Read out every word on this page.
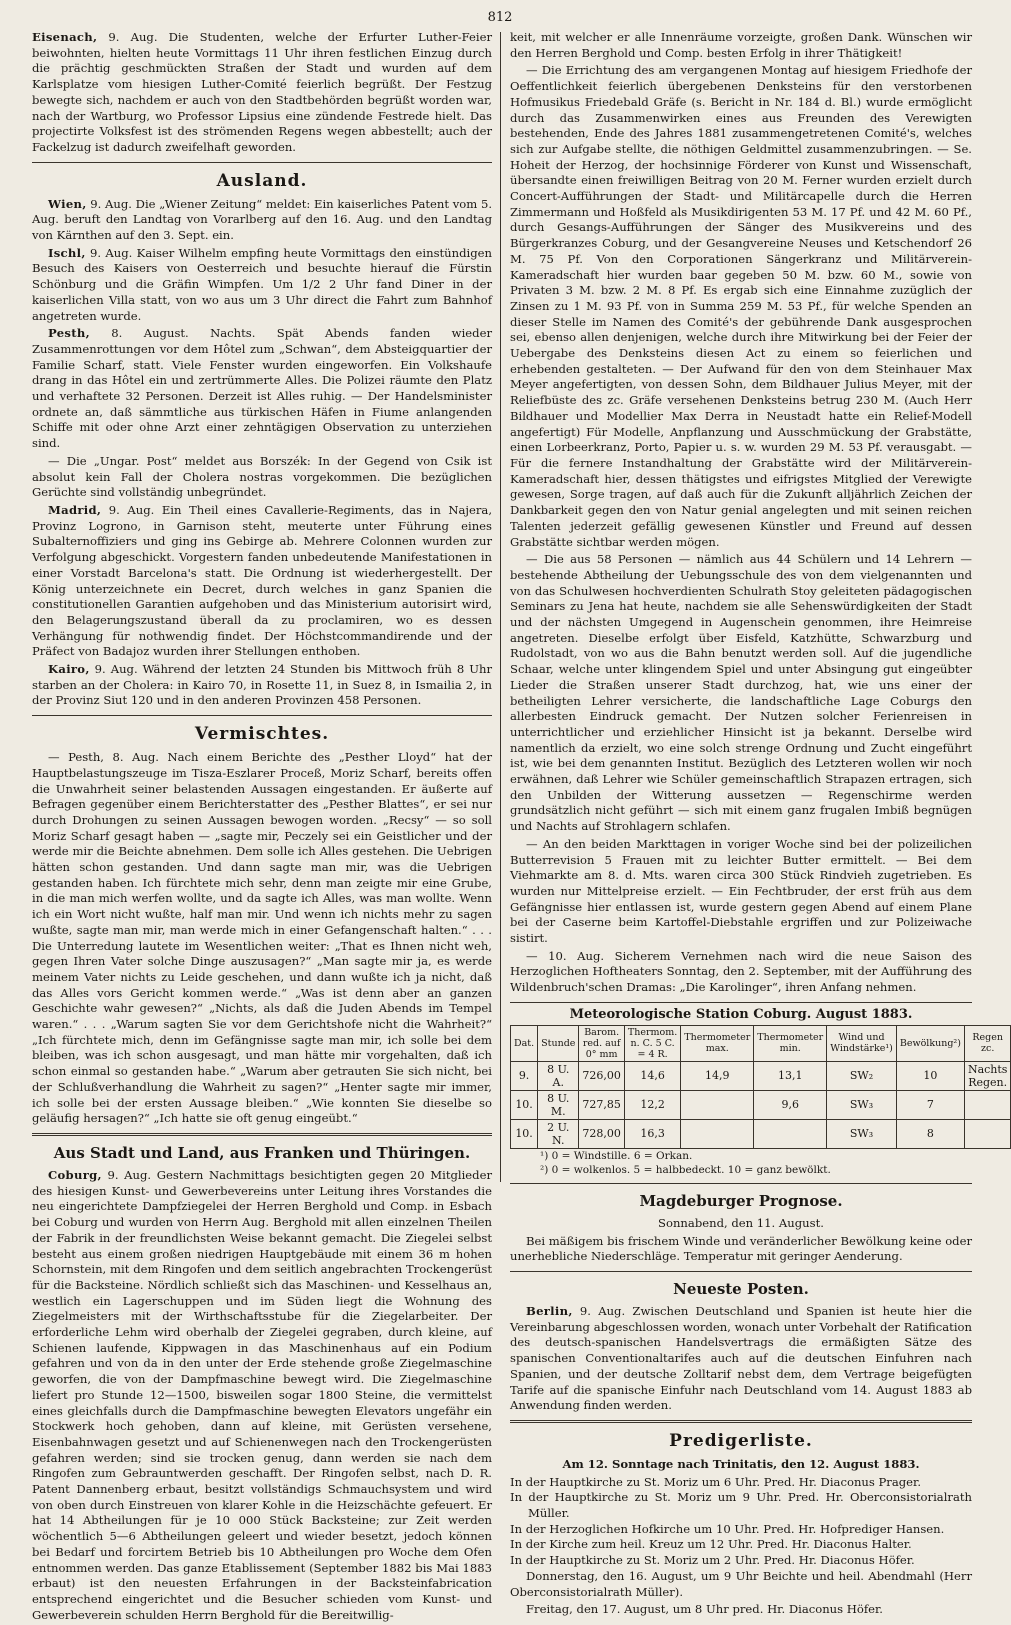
812

Eisenach, 9. Aug. Die Studenten, welche der Erfurter Luther-Feier beiwohnten, hielten heute Vormittags 11 Uhr ihren festlichen Einzug durch die prächtig geschmückten Straßen der Stadt und wurden auf dem Karlsplatze vom hiesigen Luther-Comité feierlich begrüßt. Der Festzug bewegte sich, nachdem er auch von den Stadtbehörden begrüßt worden war, nach der Wartburg, wo Professor Lipsius eine zündende Festrede hielt. Das projectirte Volksfest ist des strömenden Regens wegen abbestellt; auch der Fackelzug ist dadurch zweifelhaft geworden.

Ausland.

Wien, 9. Aug. Die „Wiener Zeitung“ meldet: Ein kaiserliches Patent vom 5. Aug. beruft den Landtag von Vorarlberg auf den 16. Aug. und den Landtag von Kärnthen auf den 3. Sept. ein.

Ischl, 9. Aug. Kaiser Wilhelm empfing heute Vormittags den einstündigen Besuch des Kaisers von Oesterreich und besuchte hierauf die Fürstin Schönburg und die Gräfin Wimpfen. Um 1/2 2 Uhr fand Diner in der kaiserlichen Villa statt, von wo aus um 3 Uhr direct die Fahrt zum Bahnhof angetreten wurde.

Pesth, 8. August. Nachts. Spät Abends fanden wieder Zusammenrottungen vor dem Hôtel zum „Schwan“, dem Absteigquartier der Familie Scharf, statt. Viele Fenster wurden eingeworfen. Ein Volkshaufe drang in das Hôtel ein und zertrümmerte Alles. Die Polizei räumte den Platz und verhaftete 32 Personen. Derzeit ist Alles ruhig. — Der Handelsminister ordnete an, daß sämmtliche aus türkischen Häfen in Fiume anlangenden Schiffe mit oder ohne Arzt einer zehntägigen Observation zu unterziehen sind.

— Die „Ungar. Post“ meldet aus Borszék: In der Gegend von Csik ist absolut kein Fall der Cholera nostras vorgekommen. Die bezüglichen Gerüchte sind vollständig unbegründet.

Madrid, 9. Aug. Ein Theil eines Cavallerie-Regiments, das in Najera, Provinz Logrono, in Garnison steht, meuterte unter Führung eines Subalternoffiziers und ging ins Gebirge ab. Mehrere Colonnen wurden zur Verfolgung abgeschickt. Vorgestern fanden unbedeutende Manifestationen in einer Vorstadt Barcelona's statt. Die Ordnung ist wiederhergestellt. Der König unterzeichnete ein Decret, durch welches in ganz Spanien die constitutionellen Garantien aufgehoben und das Ministerium autorisirt wird, den Belagerungszustand überall da zu proclamiren, wo es dessen Verhängung für nothwendig findet. Der Höchstcommandirende und der Präfect von Badajoz wurden ihrer Stellungen enthoben.

Kairo, 9. Aug. Während der letzten 24 Stunden bis Mittwoch früh 8 Uhr starben an der Cholera: in Kairo 70, in Rosette 11, in Suez 8, in Ismailia 2, in der Provinz Siut 120 und in den anderen Provinzen 458 Personen.

Vermischtes.

— Pesth, 8. Aug. Nach einem Berichte des „Pesther Lloyd“ hat der Hauptbelastungszeuge im Tisza-Eszlarer Proceß, Moriz Scharf, bereits offen die Unwahrheit seiner belastenden Aussagen eingestanden. Er äußerte auf Befragen gegenüber einem Berichterstatter des „Pesther Blattes“, er sei nur durch Drohungen zu seinen Aussagen bewogen worden. „Recsy“ — so soll Moriz Scharf gesagt haben — „sagte mir, Peczely sei ein Geistlicher und der werde mir die Beichte abnehmen. Dem solle ich Alles gestehen. Die Uebrigen hätten schon gestanden. Und dann sagte man mir, was die Uebrigen gestanden haben. Ich fürchtete mich sehr, denn man zeigte mir eine Grube, in die man mich werfen wollte, und da sagte ich Alles, was man wollte. Wenn ich ein Wort nicht wußte, half man mir. Und wenn ich nichts mehr zu sagen wußte, sagte man mir, man werde mich in einer Gefangenschaft halten.“ . . . Die Unterredung lautete im Wesentlichen weiter: „That es Ihnen nicht weh, gegen Ihren Vater solche Dinge auszusagen?“ „Man sagte mir ja, es werde meinem Vater nichts zu Leide geschehen, und dann wußte ich ja nicht, daß das Alles vors Gericht kommen werde.“ „Was ist denn aber an ganzen Geschichte wahr gewesen?“ „Nichts, als daß die Juden Abends im Tempel waren.“ . . . „Warum sagten Sie vor dem Gerichtshofe nicht die Wahrheit?“ „Ich fürchtete mich, denn im Gefängnisse sagte man mir, ich solle bei dem bleiben, was ich schon ausgesagt, und man hätte mir vorgehalten, daß ich schon einmal so gestanden habe.“ „Warum aber getrauten Sie sich nicht, bei der Schlußverhandlung die Wahrheit zu sagen?“ „Henter sagte mir immer, ich solle bei der ersten Aussage bleiben.“ „Wie konnten Sie dieselbe so geläufig hersagen?“ „Ich hatte sie oft genug eingeübt.“

Aus Stadt und Land, aus Franken und Thüringen.

Coburg, 9. Aug. Gestern Nachmittags besichtigten gegen 20 Mitglieder des hiesigen Kunst- und Gewerbevereins unter Leitung ihres Vorstandes die neu eingerichtete Dampfziegelei der Herren Berghold und Comp. in Esbach bei Coburg und wurden von Herrn Aug. Berghold mit allen einzelnen Theilen der Fabrik in der freundlichsten Weise bekannt gemacht. Die Ziegelei selbst besteht aus einem großen niedrigen Hauptgebäude mit einem 36 m hohen Schornstein, mit dem Ringofen und dem seitlich angebrachten Trockengerüst für die Backsteine. Nördlich schließt sich das Maschinen- und Kesselhaus an, westlich ein Lagerschuppen und im Süden liegt die Wohnung des Ziegelmeisters mit der Wirthschaftsstube für die Ziegelarbeiter. Der erforderliche Lehm wird oberhalb der Ziegelei gegraben, durch kleine, auf Schienen laufende, Kippwagen in das Maschinenhaus auf ein Podium gefahren und von da in den unter der Erde stehende große Ziegelmaschine geworfen, die von der Dampfmaschine bewegt wird. Die Ziegelmaschine liefert pro Stunde 12—1500, bisweilen sogar 1800 Steine, die vermittelst eines gleichfalls durch die Dampfmaschine bewegten Elevators ungefähr ein Stockwerk hoch gehoben, dann auf kleine, mit Gerüsten versehene, Eisenbahnwagen gesetzt und auf Schienenwegen nach den Trockengerüsten gefahren werden; sind sie trocken genug, dann werden sie nach dem Ringofen zum Gebrauntwerden geschafft. Der Ringofen selbst, nach D. R. Patent Dannenberg erbaut, besitzt vollständigs Schmauchsystem und wird von oben durch Einstreuen von klarer Kohle in die Heizschächte gefeuert. Er hat 14 Abtheilungen für je 10 000 Stück Backsteine; zur Zeit werden wöchentlich 5—6 Abtheilungen geleert und wieder besetzt, jedoch können bei Bedarf und forcirtem Betrieb bis 10 Abtheilungen pro Woche dem Ofen entnommen werden. Das ganze Etablissement (September 1882 bis Mai 1883 erbaut) ist den neuesten Erfahrungen in der Backsteinfabrication entsprechend eingerichtet und die Besucher schieden vom Kunst- und Gewerbeverein schulden Herrn Berghold für die Bereitwillig-

keit, mit welcher er alle Innenräume vorzeigte, großen Dank. Wünschen wir den Herren Berghold und Comp. besten Erfolg in ihrer Thätigkeit!

— Die Errichtung des am vergangenen Montag auf hiesigem Friedhofe der Oeffentlichkeit feierlich übergebenen Denksteins für den verstorbenen Hofmusikus Friedebald Gräfe (s. Bericht in Nr. 184 d. Bl.) wurde ermöglicht durch das Zusammenwirken eines aus Freunden des Verewigten bestehenden, Ende des Jahres 1881 zusammengetretenen Comité's, welches sich zur Aufgabe stellte, die nöthigen Geldmittel zusammenzubringen. — Se. Hoheit der Herzog, der hochsinnige Förderer von Kunst und Wissenschaft, übersandte einen freiwilligen Beitrag von 20 M. Ferner wurden erzielt durch Concert-Aufführungen der Stadt- und Militärcapelle durch die Herren Zimmermann und Hoßfeld als Musikdirigenten 53 M. 17 Pf. und 42 M. 60 Pf., durch Gesangs-Aufführungen der Sänger des Musikvereins und des Bürgerkranzes Coburg, und der Gesangvereine Neuses und Ketschendorf 26 M. 75 Pf. Von den Corporationen Sängerkranz und Militärverein-Kameradschaft hier wurden baar gegeben 50 M. bzw. 60 M., sowie von Privaten 3 M. bzw. 2 M. 8 Pf. Es ergab sich eine Einnahme zuzüglich der Zinsen zu 1 M. 93 Pf. von in Summa 259 M. 53 Pf., für welche Spenden an dieser Stelle im Namen des Comité's der gebührende Dank ausgesprochen sei, ebenso allen denjenigen, welche durch ihre Mitwirkung bei der Feier der Uebergabe des Denksteins diesen Act zu einem so feierlichen und erhebenden gestalteten. — Der Aufwand für den von dem Steinhauer Max Meyer angefertigten, von dessen Sohn, dem Bildhauer Julius Meyer, mit der Reliefbüste des zc. Gräfe versehenen Denksteins betrug 230 M. (Auch Herr Bildhauer und Modellier Max Derra in Neustadt hatte ein Relief-Modell angefertigt) Für Modelle, Anpflanzung und Ausschmückung der Grabstätte, einen Lorbeerkranz, Porto, Papier u. s. w. wurden 29 M. 53 Pf. verausgabt. — Für die fernere Instandhaltung der Grabstätte wird der Militärverein-Kameradschaft hier, dessen thätigstes und eifrigstes Mitglied der Verewigte gewesen, Sorge tragen, auf daß auch für die Zukunft alljährlich Zeichen der Dankbarkeit gegen den von Natur genial angelegten und mit seinen reichen Talenten jederzeit gefällig gewesenen Künstler und Freund auf dessen Grabstätte sichtbar werden mögen.

— Die aus 58 Personen — nämlich aus 44 Schülern und 14 Lehrern — bestehende Abtheilung der Uebungsschule des von dem vielgenannten und von das Schulwesen hochverdienten Schulrath Stoy geleiteten pädagogischen Seminars zu Jena hat heute, nachdem sie alle Sehenswürdigkeiten der Stadt und der nächsten Umgegend in Augenschein genommen, ihre Heimreise angetreten. Dieselbe erfolgt über Eisfeld, Katzhütte, Schwarzburg und Rudolstadt, von wo aus die Bahn benutzt werden soll. Auf die jugendliche Schaar, welche unter klingendem Spiel und unter Absingung gut eingeübter Lieder die Straßen unserer Stadt durchzog, hat, wie uns einer der betheiligten Lehrer versicherte, die landschaftliche Lage Coburgs den allerbesten Eindruck gemacht. Der Nutzen solcher Ferienreisen in unterrichtlicher und erziehlicher Hinsicht ist ja bekannt. Derselbe wird namentlich da erzielt, wo eine solch strenge Ordnung und Zucht eingeführt ist, wie bei dem genannten Institut. Bezüglich des Letzteren wollen wir noch erwähnen, daß Lehrer wie Schüler gemeinschaftlich Strapazen ertragen, sich den Unbilden der Witterung aussetzen — Regenschirme werden grundsätzlich nicht geführt — sich mit einem ganz frugalen Imbiß begnügen und Nachts auf Strohlagern schlafen.

— An den beiden Markttagen in voriger Woche sind bei der polizeilichen Butterrevision 5 Frauen mit zu leichter Butter ermittelt. — Bei dem Viehmarkte am 8. d. Mts. waren circa 300 Stück Rindvieh zugetrieben. Es wurden nur Mittelpreise erzielt. — Ein Fechtbruder, der erst früh aus dem Gefängnisse hier entlassen ist, wurde gestern gegen Abend auf einem Plane bei der Caserne beim Kartoffel-Diebstahle ergriffen und zur Polizeiwache sistirt.

— 10. Aug. Sicherem Vernehmen nach wird die neue Saison des Herzoglichen Hoftheaters Sonntag, den 2. September, mit der Aufführung des Wildenbruch'schen Dramas: „Die Karolinger“, ihren Anfang nehmen.

Meteorologische Station Coburg. August 1883.
Dat.	Stunde	Barom. red. auf 0° mm	Thermom. n. C. 5 C. = 4 R.	Thermometer max.	Thermometer min.	Wind und Windstärke¹)	Bewölkung²)	Regen zc.
9.	8 U. A.	726,00	14,6	14,9	13,1	SW₂	10	Nachts Regen.
10.	8 U. M.	727,85	12,2		9,6	SW₃	7	
10.	2 U. N.	728,00	16,3			SW₃	8	
¹) 0 = Windstille. 6 = Orkan.
²) 0 = wolkenlos. 5 = halbbedeckt. 10 = ganz bewölkt.
Magdeburger Prognose.

Sonnabend, den 11. August.

Bei mäßigem bis frischem Winde und veränderlicher Bewölkung keine oder unerhebliche Niederschläge. Temperatur mit geringer Aenderung.

Neueste Posten.

Berlin, 9. Aug. Zwischen Deutschland und Spanien ist heute hier die Vereinbarung abgeschlossen worden, wonach unter Vorbehalt der Ratification des deutsch-spanischen Handelsvertrags die ermäßigten Sätze des spanischen Conventionaltarifes auch auf die deutschen Einfuhren nach Spanien, und der deutsche Zolltarif nebst dem, dem Vertrage beigefügten Tarife auf die spanische Einfuhr nach Deutschland vom 14. August 1883 ab Anwendung finden werden.

Predigerliste.

Am 12. Sonntage nach Trinitatis, den 12. August 1883.

In der Hauptkirche zu St. Moriz um 6 Uhr. Pred. Hr. Diaconus Prager.

In der Hauptkirche zu St. Moriz um 9 Uhr. Pred. Hr. Oberconsistorialrath Müller.

In der Herzoglichen Hofkirche um 10 Uhr. Pred. Hr. Hofprediger Hansen.

In der Kirche zum heil. Kreuz um 12 Uhr. Pred. Hr. Diaconus Halter.

In der Hauptkirche zu St. Moriz um 2 Uhr. Pred. Hr. Diaconus Höfer.

Donnerstag, den 16. August, um 9 Uhr Beichte und heil. Abendmahl (Herr Oberconsistorialrath Müller).

Freitag, den 17. August, um 8 Uhr pred. Hr. Diaconus Höfer.
